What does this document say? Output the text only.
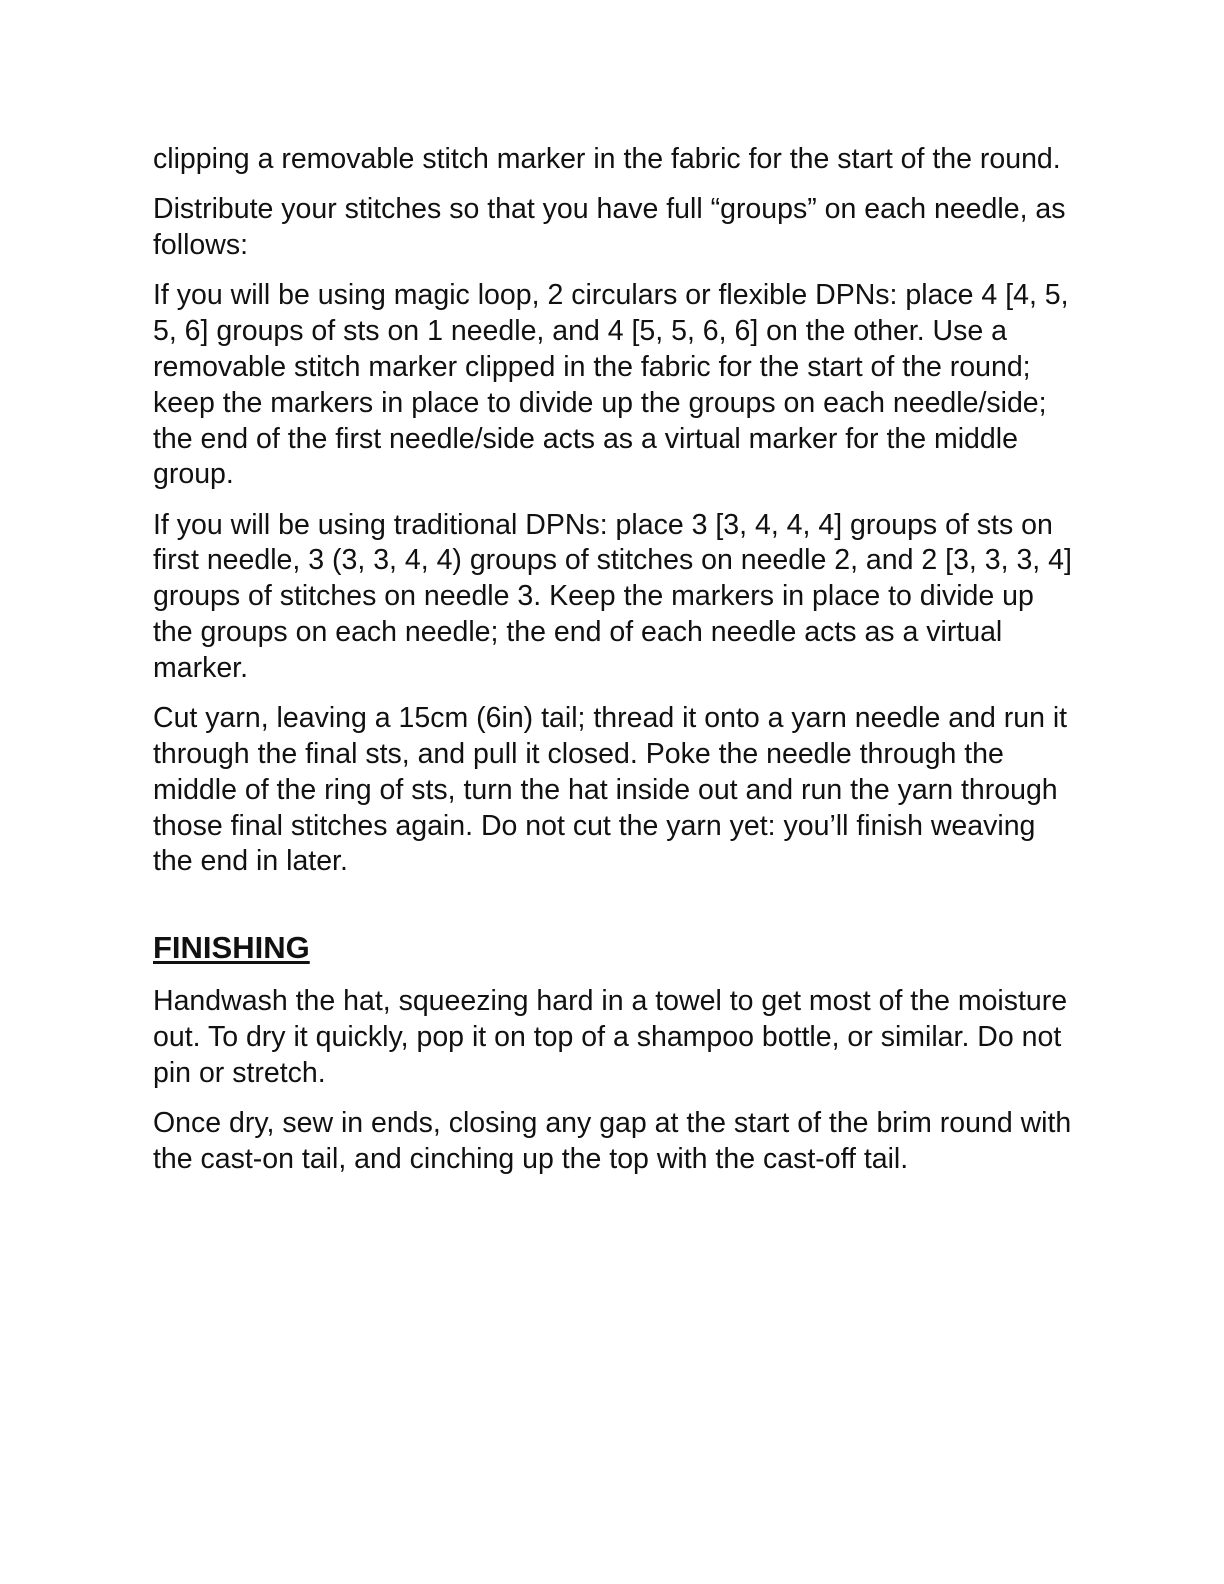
clipping a removable stitch marker in the fabric for the start of the round.

Distribute your stitches so that you have full “groups” on each needle, as follows:

If you will be using magic loop, 2 circulars or flexible DPNs: place 4 [4, 5, 5, 6] groups of sts on 1 needle, and 4 [5, 5, 6, 6] on the other. Use a removable stitch marker clipped in the fabric for the start of the round; keep the markers in place to divide up the groups on each needle/side; the end of the first needle/side acts as a virtual marker for the middle group.

If you will be using traditional DPNs: place 3 [3, 4, 4, 4] groups of sts on first needle, 3 (3, 3, 4, 4) groups of stitches on needle 2, and 2 [3, 3, 3, 4] groups of stitches on needle 3. Keep the markers in place to divide up the groups on each needle; the end of each needle acts as a virtual marker.

Cut yarn, leaving a 15cm (6in) tail; thread it onto a yarn needle and run it through the final sts, and pull it closed. Poke the needle through the middle of the ring of sts, turn the hat inside out and run the yarn through those final stitches again. Do not cut the yarn yet: you’ll finish weaving the end in later.

FINISHING

Handwash the hat, squeezing hard in a towel to get most of the moisture out. To dry it quickly, pop it on top of a shampoo bottle, or similar. Do not pin or stretch.

Once dry, sew in ends, closing any gap at the start of the brim round with the cast-on tail, and cinching up the top with the cast-off tail.
